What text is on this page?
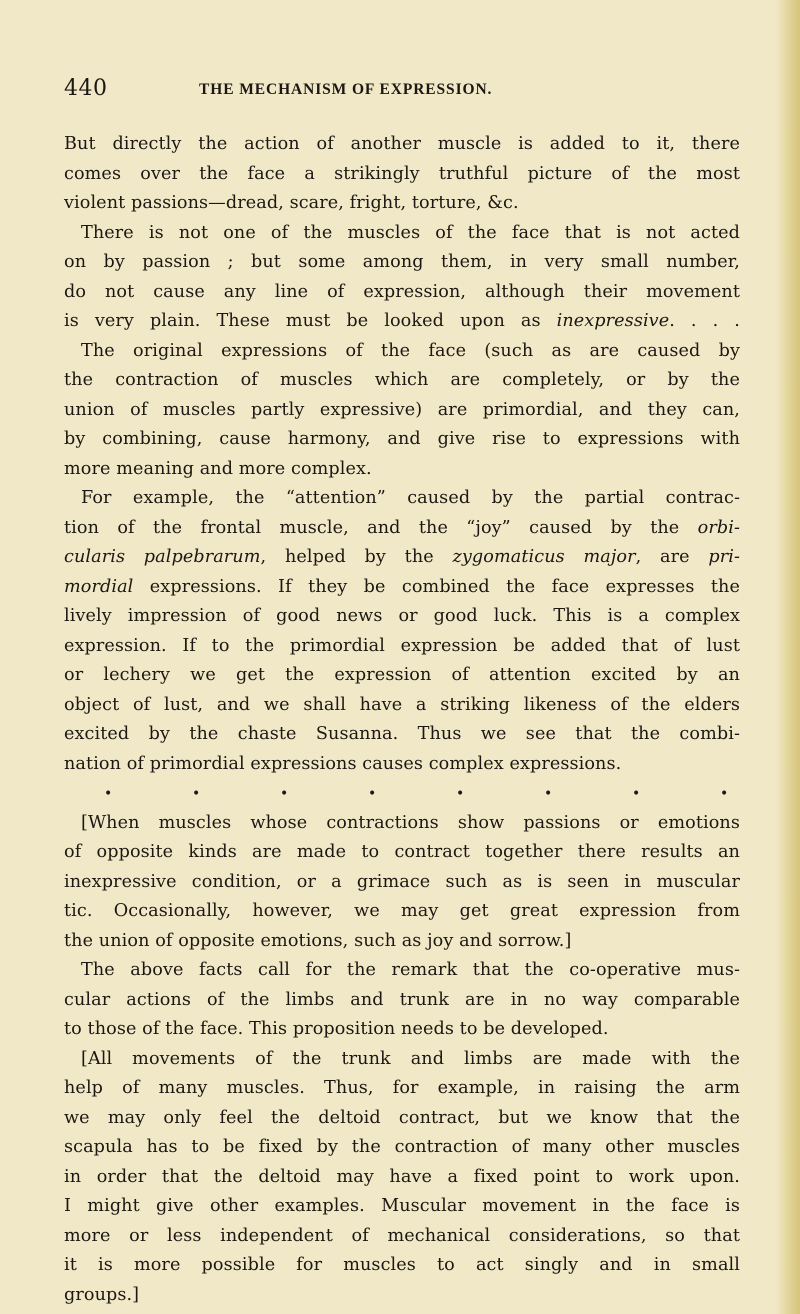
440	THE MECHANISM OF EXPRESSION.
But directly the action of another muscle is added to it, there
comes over the face a strikingly truthful picture of the most
violent passions—dread, scare, fright, torture, &c.
There is not one of the muscles of the face that is not acted
on by passion ; but some among them, in very small number,
do not cause any line of expression, although their movement
is very plain. These must be looked upon as inexpressive. . . .
The original expressions of the face (such as are caused by
the contraction of muscles which are completely, or by the
union of muscles partly expressive) are primordial, and they can,
by combining, cause harmony, and give rise to expressions with
more meaning and more complex.
For example, the “attention” caused by the partial contrac-
tion of the frontal muscle, and the “joy” caused by the orbi-
cularis palpebrarum, helped by the zygomaticus major, are pri-
mordial expressions. If they be combined the face expresses the
lively impression of good news or good luck. This is a complex
expression. If to the primordial expression be added that of lust
or lechery we get the expression of attention excited by an
object of lust, and we shall have a striking likeness of the elders
excited by the chaste Susanna. Thus we see that the combi-
nation of primordial expressions causes complex expressions.
•	•	•	•	•	•	•	•
[When muscles whose contractions show passions or emotions
of opposite kinds are made to contract together there results an
inexpressive condition, or a grimace such as is seen in muscular
tic. Occasionally, however, we may get great expression from
the union of opposite emotions, such as joy and sorrow.]
The above facts call for the remark that the co-operative mus-
cular actions of the limbs and trunk are in no way comparable
to those of the face. This proposition needs to be developed.
[All movements of the trunk and limbs are made with the
help of many muscles. Thus, for example, in raising the arm
we may only feel the deltoid contract, but we know that the
scapula has to be fixed by the contraction of many other muscles
in order that the deltoid may have a fixed point to work upon.
I might give other examples. Muscular movement in the face is
more or less independent of mechanical considerations, so that
it is more possible for muscles to act singly and in small
groups.]
